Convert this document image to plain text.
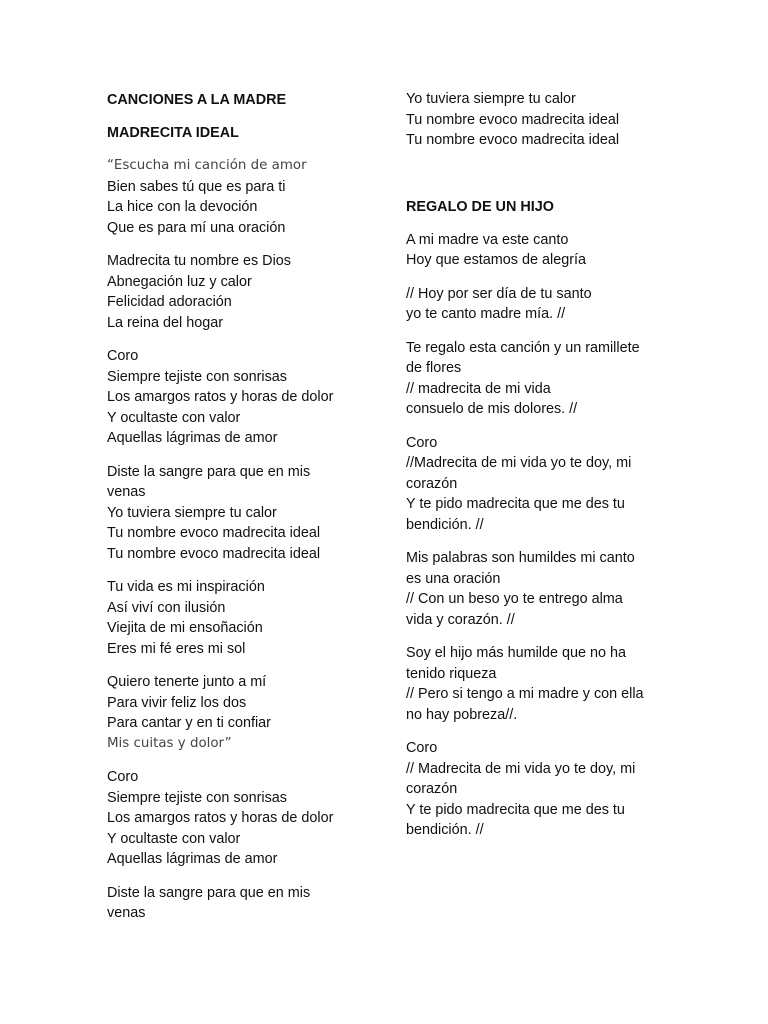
CANCIONES A LA MADRE
MADRECITA IDEAL
“Escucha mi canción de amor
Bien sabes tú que es para ti
La hice con la devoción
Que es para mí una oración
Madrecita tu nombre es Dios
Abnegación luz y calor
Felicidad adoración
La reina del hogar
Coro
Siempre tejiste con sonrisas
Los amargos ratos y horas de dolor
Y ocultaste con valor
Aquellas lágrimas de amor
Diste la sangre para que en mis
venas
Yo tuviera siempre tu calor
Tu nombre evoco madrecita ideal
Tu nombre evoco madrecita ideal
Tu vida es mi inspiración
Así viví con ilusión
Viejita de mi ensoñación
Eres mi fé eres mi sol
Quiero tenerte junto a mí
Para vivir feliz los dos
Para cantar y en ti confiar
Mis cuitas y dolor”
Coro
Siempre tejiste con sonrisas
Los amargos ratos y horas de dolor
Y ocultaste con valor
Aquellas lágrimas de amor
Diste la sangre para que en mis
venas
Yo tuviera siempre tu calor
Tu nombre evoco madrecita ideal
Tu nombre evoco madrecita ideal
REGALO DE UN HIJO
A mi madre va este canto
Hoy que estamos de alegría
// Hoy por ser día de tu santo
yo te canto madre mía. //
Te regalo esta canción y un ramillete
de flores
// madrecita de mi vida
consuelo de mis dolores. //
Coro
//Madrecita de mi vida yo te doy, mi
corazón
Y te pido madrecita que me des tu
bendición. //
Mis palabras son humildes mi canto
es una oración
// Con un beso yo te entrego alma
vida y corazón. //
Soy el hijo más humilde que no ha
tenido riqueza
// Pero si tengo a mi madre y con ella
no hay pobreza//.
Coro
// Madrecita de mi vida yo te doy, mi
corazón
Y te pido madrecita que me des tu
bendición. //
